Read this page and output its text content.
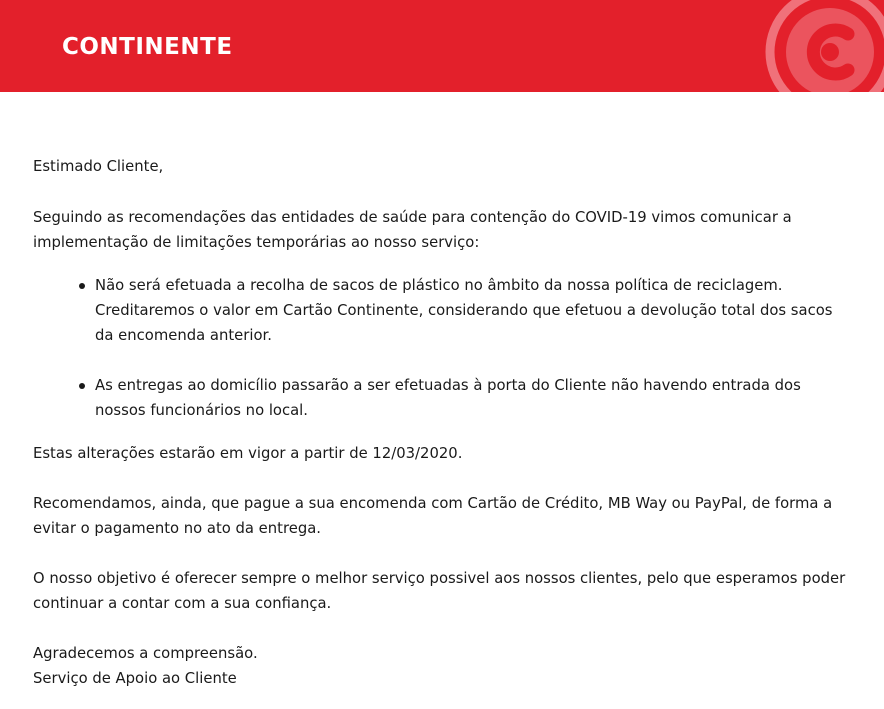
CONTINENTE

Estimado Cliente,

Seguindo as recomendações das entidades de saúde para contenção do COVID-19 vimos comunicar a implementação de limitações temporárias ao nosso serviço:

Não será efetuada a recolha de sacos de plástico no âmbito da nossa política de reciclagem. Creditaremos o valor em Cartão Continente, considerando que efetuou a devolução total dos sacos da encomenda anterior.
As entregas ao domicílio passarão a ser efetuadas à porta do Cliente não havendo entrada dos nossos funcionários no local.

Estas alterações estarão em vigor a partir de 12/03/2020.

Recomendamos, ainda, que pague a sua encomenda com Cartão de Crédito, MB Way ou PayPal, de forma a evitar o pagamento no ato da entrega.

O nosso objetivo é oferecer sempre o melhor serviço possivel aos nossos clientes, pelo que esperamos poder continuar a contar com a sua confiança.

Agradecemos a compreensão.

Serviço de Apoio ao Cliente
